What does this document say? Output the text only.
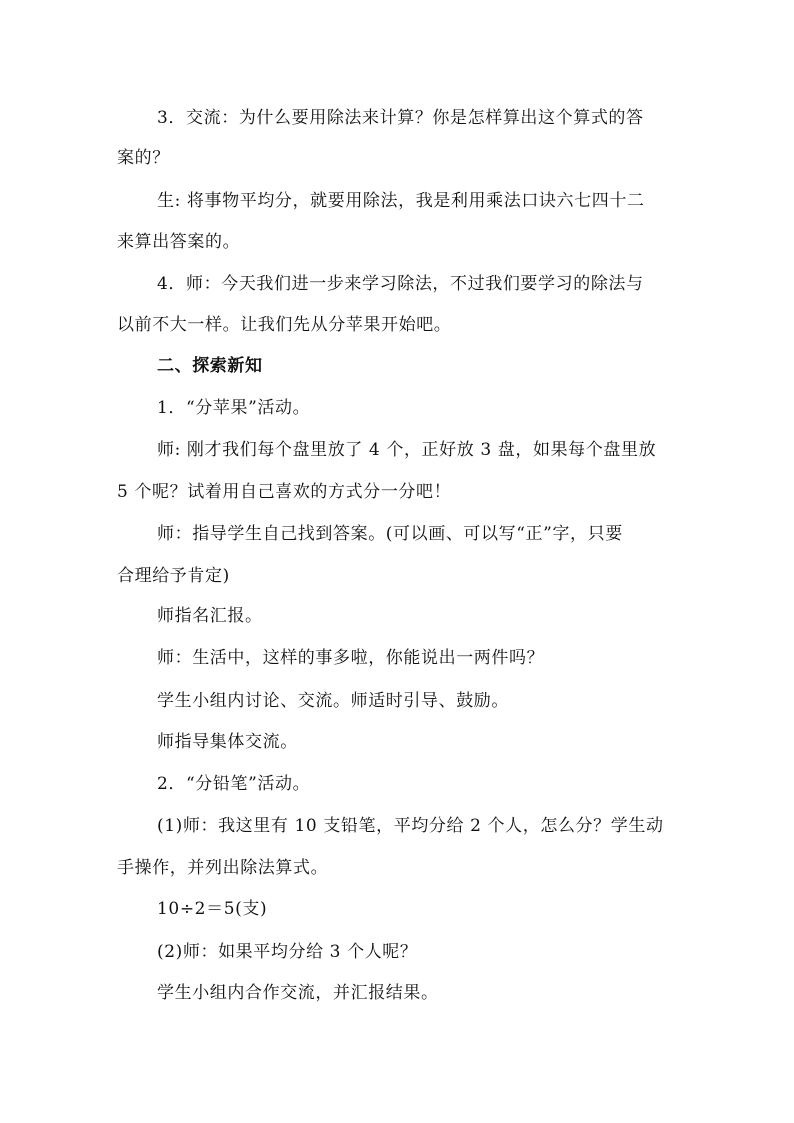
3．交流：为什么要用除法来计算？你是怎样算出这个算式的答
案的？
生: 将事物平均分，就要用除法，我是利用乘法口诀六七四十二
来算出答案的。
4．师：今天我们进一步来学习除法，不过我们要学习的除法与
以前不大一样。让我们先从分苹果开始吧。
二、探索新知
1．“分苹果”活动。
师: 刚才我们每个盘里放了 4 个，正好放 3 盘，如果每个盘里放
5 个呢？试着用自己喜欢的方式分一分吧！
师：指导学生自己找到答案。(可以画、可以写“正”字，只要
合理给予肯定)
师指名汇报。
师：生活中，这样的事多啦，你能说出一两件吗？
学生小组内讨论、交流。师适时引导、鼓励。
师指导集体交流。
2．“分铅笔”活动。
(1)师：我这里有 10 支铅笔，平均分给 2 个人，怎么分？学生动
手操作，并列出除法算式。
10÷2＝5(支)
(2)师：如果平均分给 3 个人呢？
学生小组内合作交流，并汇报结果。
